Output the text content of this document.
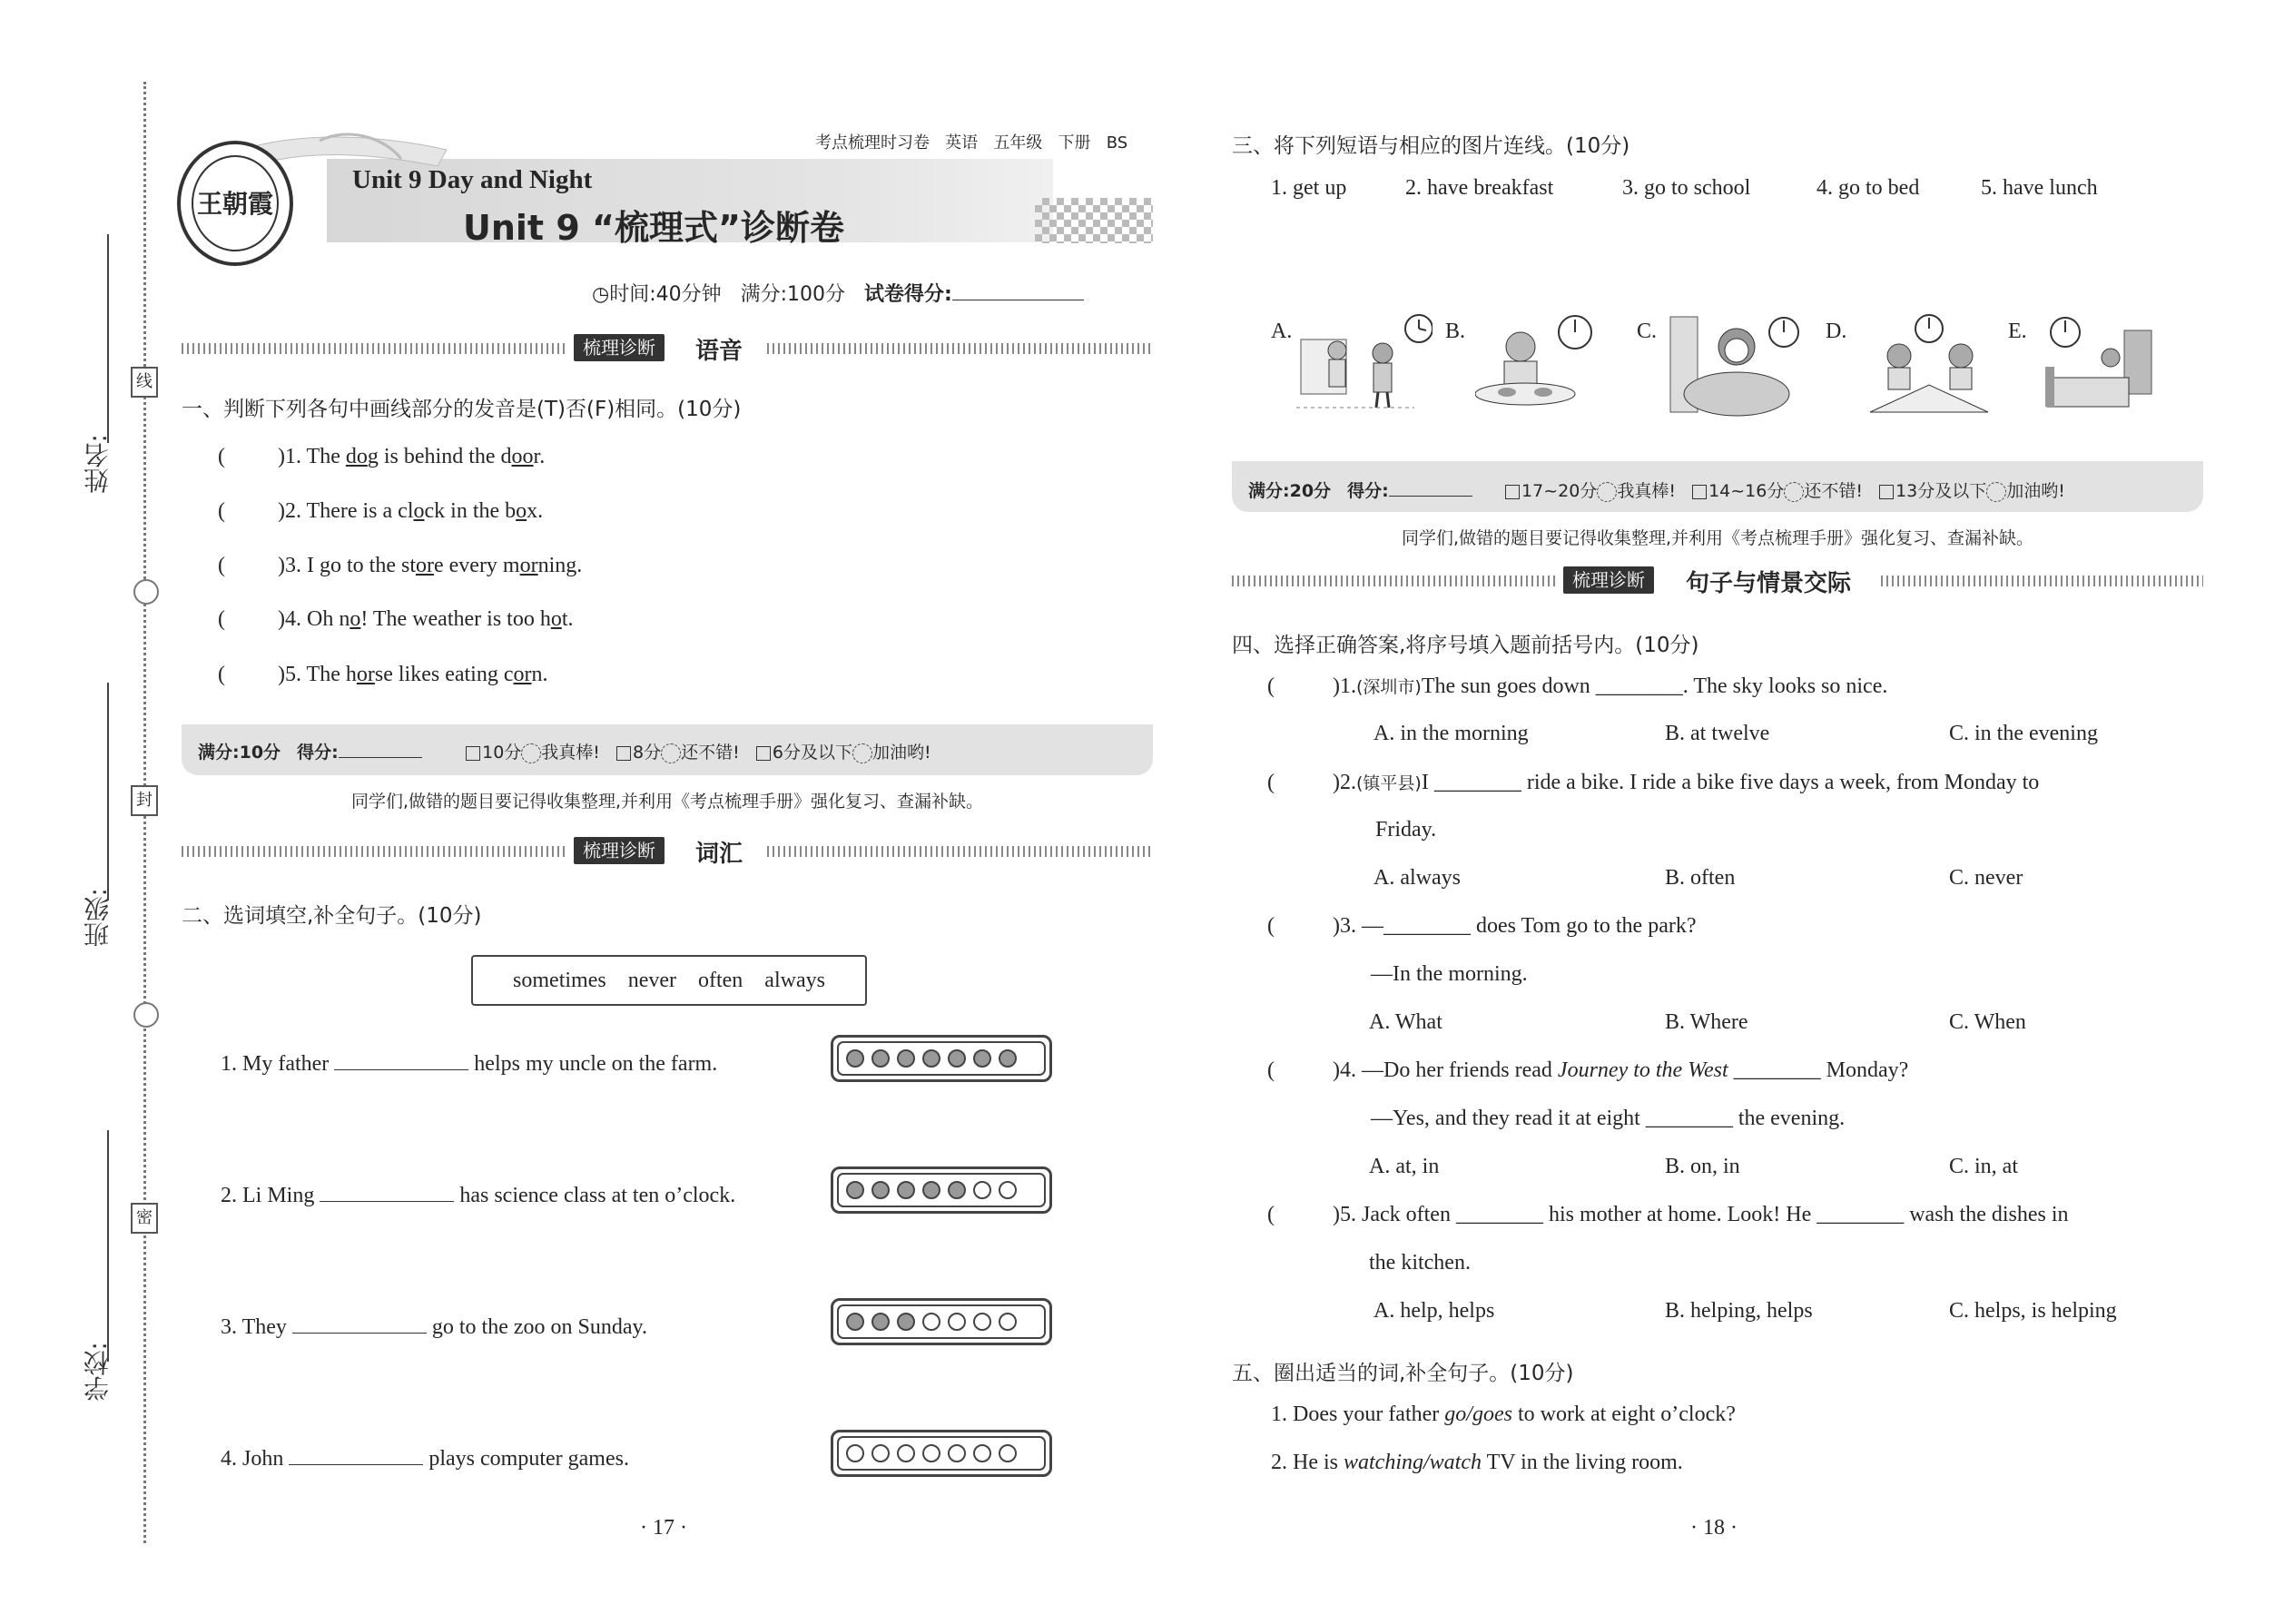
姓名:
班级:
学校:
线
封
密
王朝霞
考点梳理时习卷 英语 五年级 下册 BS
Unit 9 Day and Night
Unit 9 “梳理式”诊断卷
◷时间:40分钟 满分:100分 试卷得分:
梳理诊断	语音
一、判断下列各句中画线部分的发音是(T)否(F)相同。(10分)
( )1. The dog is behind the door.
( )2. There is a clock in the box.
( )3. I go to the store every morning.
( )4. Oh no! The weather is too hot.
( )5. The horse likes eating corn.
满分:10分 得分:	10分 我真棒! 8分 还不错! 6分及以下 加油哟!
同学们,做错的题目要记得收集整理,并利用《考点梳理手册》强化复习、查漏补缺。
梳理诊断	词汇
二、选词填空,补全句子。(10分)
sometimes    never    often    always
1. My father	helps my uncle on the farm.
2. Li Ming	has science class at ten o’clock.
3. They	go to the zoo on Sunday.
4. John	plays computer games.
· 17 ·
三、将下列短语与相应的图片连线。(10分)
1. get up	2. have breakfast	3. go to school	4. go to bed	5. have lunch
A.	B.	C.	D.	E.
满分:20分 得分:	17~20分 我真棒! 14~16分 还不错! 13分及以下 加油哟!
同学们,做错的题目要记得收集整理,并利用《考点梳理手册》强化复习、查漏补缺。
梳理诊断	句子与情景交际
四、选择正确答案,将序号填入题前括号内。(10分)
(	)1.(深圳市)The sun goes down ________. The sky looks so nice.
A. in the morning	B. at twelve	C. in the evening
(	)2.(镇平县)I ________ ride a bike. I ride a bike five days a week, from Monday to
Friday.
A. always	B. often	C. never
(	)3. —________ does Tom go to the park?
—In the morning.
A. What	B. Where	C. When
(	)4. —Do her friends read Journey to the West ________ Monday?
—Yes, and they read it at eight ________ the evening.
A. at, in	B. on, in	C. in, at
(	)5. Jack often ________ his mother at home. Look! He ________ wash the dishes in
the kitchen.
A. help, helps	B. helping, helps	C. helps, is helping
五、圈出适当的词,补全句子。(10分)
1. Does your father go/goes to work at eight o’clock?
2. He is watching/watch TV in the living room.
· 18 ·
